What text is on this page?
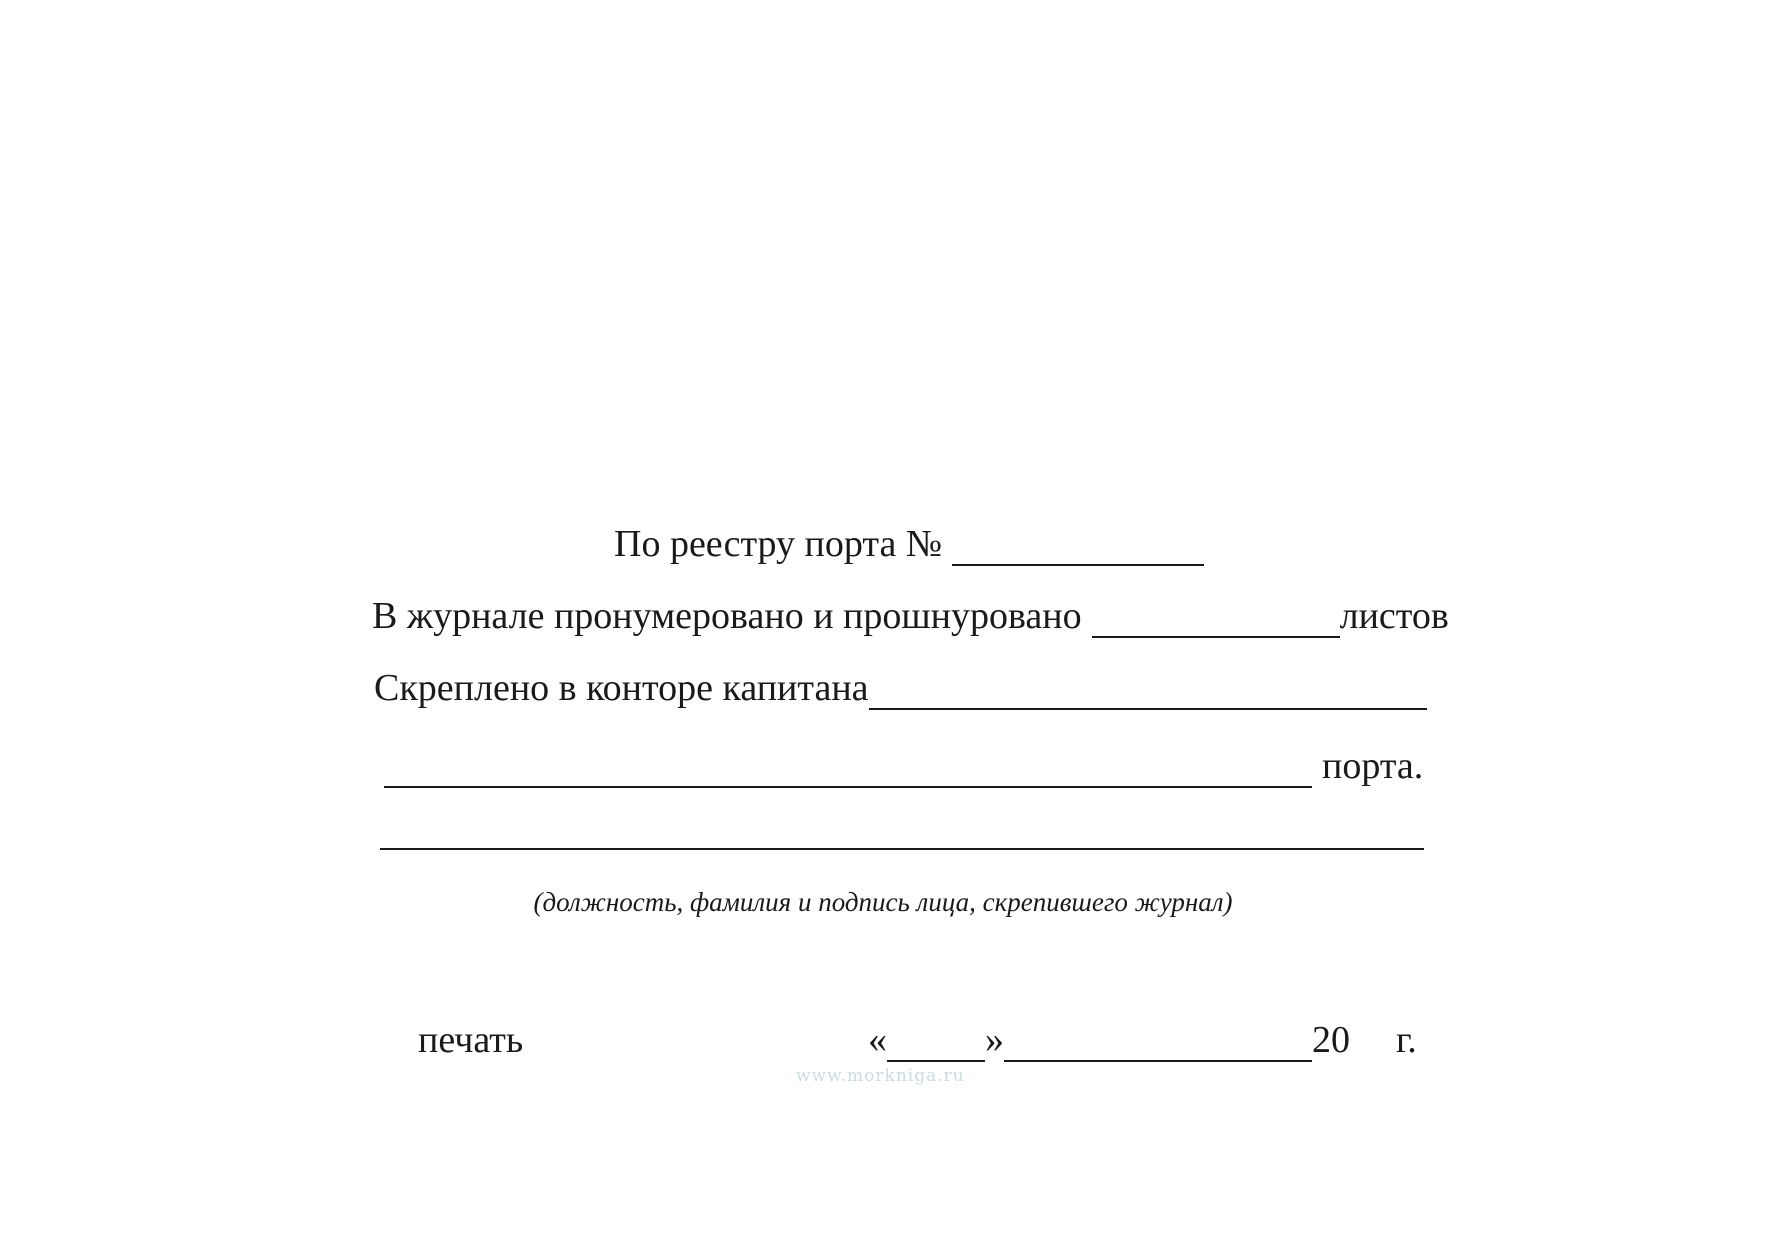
По реестру порта №
В журнале пронумеровано и прошнуровано	листов
Скреплено в конторе капитана
порта.
(должность, фамилия и подпись лица, скрепившего журнал)
печать	«	»	20 г.
www.morkniga.ru
